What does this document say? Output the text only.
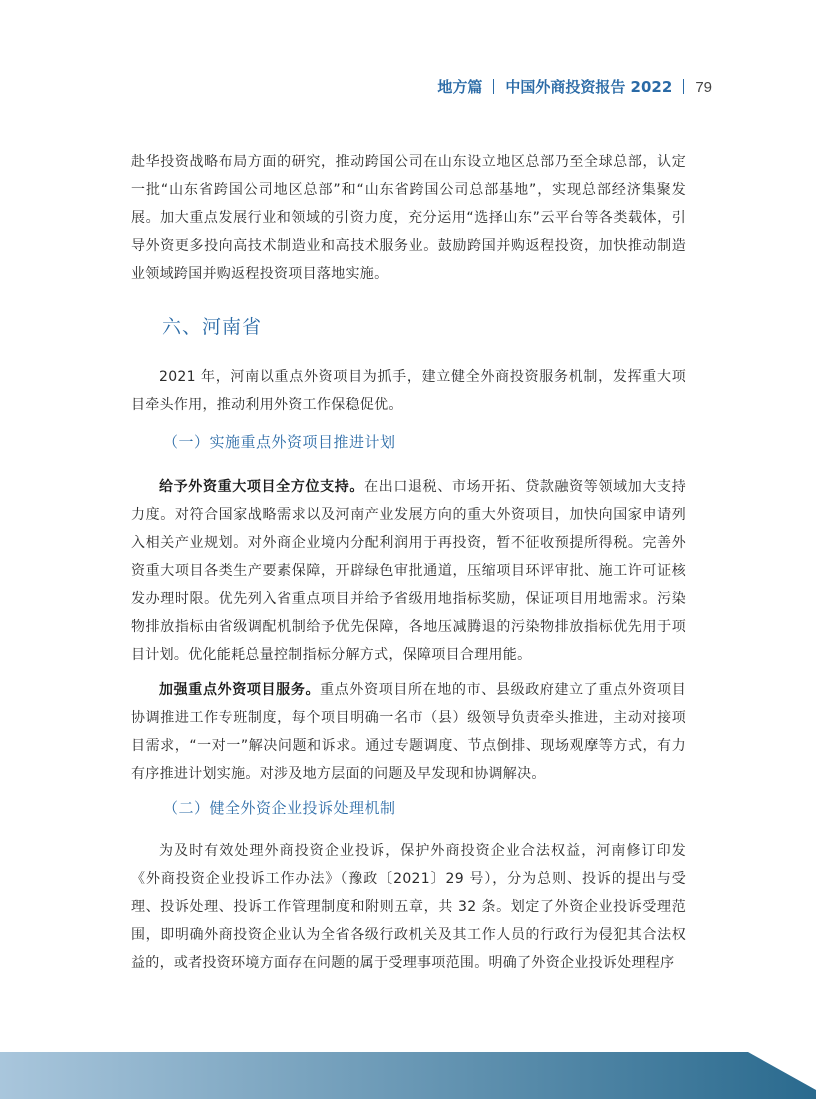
地方篇 中国外商投资报告 2022 79

赴华投资战略布局方面的研究，推动跨国公司在山东设立地区总部乃至全球总部，认定一批“山东省跨国公司地区总部”和“山东省跨国公司总部基地”，实现总部经济集聚发展。加大重点发展行业和领域的引资力度，充分运用“选择山东”云平台等各类载体，引导外资更多投向高技术制造业和高技术服务业。鼓励跨国并购返程投资，加快推动制造业领域跨国并购返程投资项目落地实施。

六、河南省

2021 年，河南以重点外资项目为抓手，建立健全外商投资服务机制，发挥重大项目牵头作用，推动利用外资工作保稳促优。

（一）实施重点外资项目推进计划

给予外资重大项目全方位支持。在出口退税、市场开拓、贷款融资等领域加大支持力度。对符合国家战略需求以及河南产业发展方向的重大外资项目，加快向国家申请列入相关产业规划。对外商企业境内分配利润用于再投资，暂不征收预提所得税。完善外资重大项目各类生产要素保障，开辟绿色审批通道，压缩项目环评审批、施工许可证核发办理时限。优先列入省重点项目并给予省级用地指标奖励，保证项目用地需求。污染物排放指标由省级调配机制给予优先保障，各地压减腾退的污染物排放指标优先用于项目计划。优化能耗总量控制指标分解方式，保障项目合理用能。

加强重点外资项目服务。重点外资项目所在地的市、县级政府建立了重点外资项目协调推进工作专班制度，每个项目明确一名市（县）级领导负责牵头推进，主动对接项目需求，“一对一”解决问题和诉求。通过专题调度、节点倒排、现场观摩等方式，有力有序推进计划实施。对涉及地方层面的问题及早发现和协调解决。

（二）健全外资企业投诉处理机制

为及时有效处理外商投资企业投诉，保护外商投资企业合法权益，河南修订印发《外商投资企业投诉工作办法》（豫政〔2021〕29 号），分为总则、投诉的提出与受理、投诉处理、投诉工作管理制度和附则五章，共 32 条。划定了外资企业投诉受理范围，即明确外商投资企业认为全省各级行政机关及其工作人员的行政行为侵犯其合法权益的，或者投资环境方面存在问题的属于受理事项范围。明确了外资企业投诉处理程序
